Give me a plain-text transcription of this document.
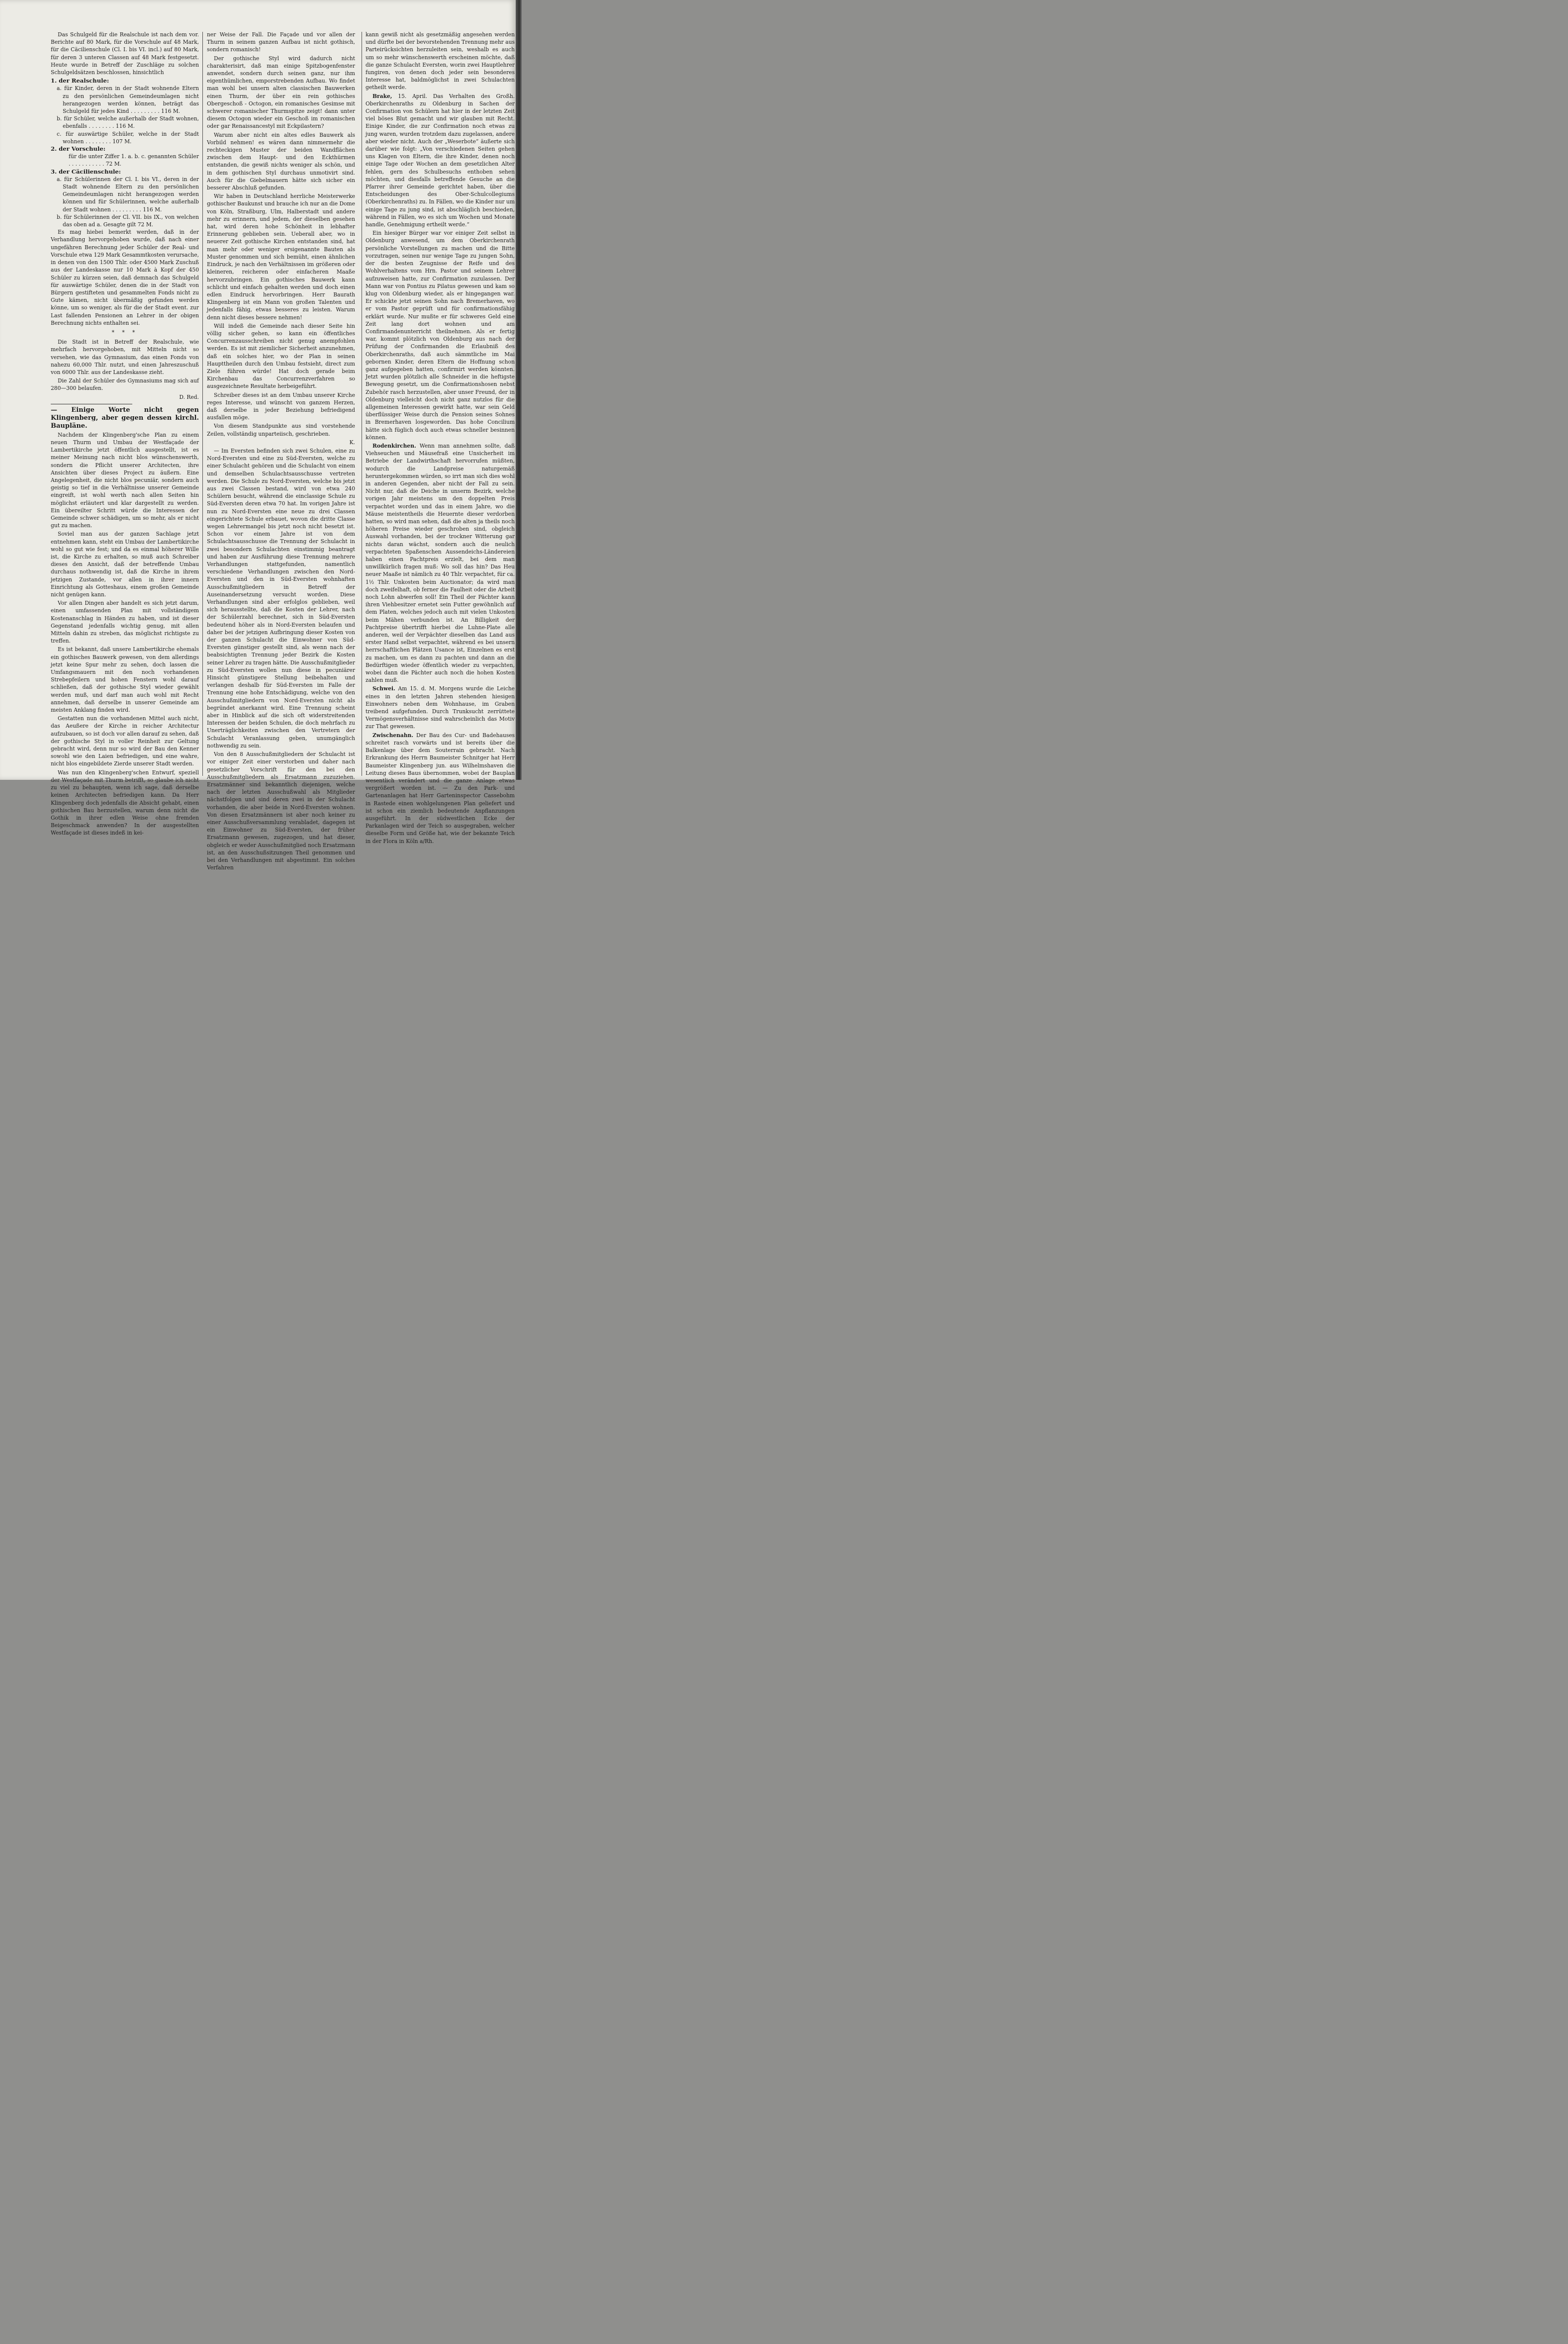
Das Schulgeld für die Realschule ist nach dem vor. Berichte auf 80 Mark, für die Vorschule auf 48 Mark, für die Cäcilienschule (Cl. I. bis VI. incl.) auf 80 Mark, für deren 3 unteren Classen auf 48 Mark festgesetzt. Heute wurde in Betreff der Zuschläge zu solchen Schulgeldsätzen beschlossen, hinsichtlich

1. der Realschule:

a. für Kinder, deren in der Stadt wohnende Eltern zu den persönlichen Gemeindeumlagen nicht herangezogen werden können, beträgt das Schulgeld für jedes Kind . . . . . . . . . 116 M.

b. für Schüler, welche außerhalb der Stadt wohnen, ebenfalls . . . . . . . . 116 M.

c. für auswärtige Schüler, welche in der Stadt wohnen . . . . . . . . 107 M.

2. der Vorschule:

für die unter Ziffer 1. a. b. c. genannten Schüler . . . . . . . . . . . 72 M.

3. der Cäcilienschule:

a. für Schülerinnen der Cl. I. bis VI., deren in der Stadt wohnende Eltern zu den persönlichen Gemeindeumlagen nicht herangezogen werden können und für Schülerinnen, welche außerhalb der Stadt wohnen . . . . . . . . . 116 M.

b. für Schülerinnen der Cl. VII. bis IX., von welchen das oben ad a. Gesagte gilt 72 M.

Es mag hiebei bemerkt werden, daß in der Verhandlung hervorgehoben wurde, daß nach einer ungefähren Berechnung jeder Schüler der Real- und Vorschule etwa 129 Mark Gesammtkosten verursache, in denen von den 1500 Thlr. oder 4500 Mark Zuschuß aus der Landeskasse nur 10 Mark à Kopf der 450 Schüler zu kürzen seien, daß demnach das Schulgeld für auswärtige Schüler, denen die in der Stadt von Bürgern gestifteten und gesammelten Fonds nicht zu Gute kämen, nicht übermäßig gefunden werden könne, um so weniger, als für die der Stadt event. zur Last fallenden Pensionen an Lehrer in der obigen Berechnung nichts enthalten sei.

* * *

Die Stadt ist in Betreff der Realschule, wie mehrfach hervorgehoben, mit Mitteln nicht so versehen, wie das Gymnasium, das einen Fonds von nahezu 60,000 Thlr. nutzt, und einen Jahreszuschuß von 6000 Thlr. aus der Landeskasse zieht.

Die Zahl der Schüler des Gymnasiums mag sich auf 280—300 belaufen.

D. Red.

— Einige Worte nicht gegen Klingenberg, aber gegen dessen kirchl. Baupläne.

Nachdem der Klingenberg'sche Plan zu einem neuen Thurm und Umbau der Westfaçade der Lambertikirche jetzt öffentlich ausgestellt, ist es meiner Meinung nach nicht blos wünschenswerth, sondern die Pflicht unserer Architecten, ihre Ansichten über dieses Project zu äußern. Eine Angelegenheit, die nicht blos pecuniär, sondern auch geistig so tief in die Verhältnisse unserer Gemeinde eingreift, ist wohl werth nach allen Seiten hin möglichst erläutert und klar dargestellt zu werden. Ein übereilter Schritt würde die Interessen der Gemeinde schwer schädigen, um so mehr, als er nicht gut zu machen.

Soviel man aus der ganzen Sachlage jetzt entnehmen kann, steht ein Umbau der Lambertikirche wohl so gut wie fest; und da es einmal höherer Wille ist, die Kirche zu erhalten, so muß auch Schreiber dieses den Ansicht, daß der betreffende Umbau durchaus nothwendig ist, daß die Kirche in ihrem jetzigen Zustande, vor allen in ihrer innern Einrichtung als Gotteshaus, einem großen Gemeinde nicht genügen kann.

Vor allen Dingen aber handelt es sich jetzt darum, einen umfassenden Plan mit vollständigem Kostenanschlag in Händen zu haben, und ist dieser Gegenstand jedenfalls wichtig genug, mit allen Mitteln dahin zu streben, das möglichst richtigste zu treffen.

Es ist bekannt, daß unsere Lambertikirche ehemals ein gothisches Bauwerk gewesen, von dem allerdings jetzt keine Spur mehr zu sehen, doch lassen die Umfangsmauern mit den noch vorhandenen Strebepfeilern und hohen Fenstern wohl darauf schließen, daß der gothische Styl wieder gewählt werden muß, und darf man auch wohl mit Recht annehmen, daß derselbe in unserer Gemeinde am meisten Anklang finden wird.

Gestatten nun die vorhandenen Mittel auch nicht, das Aeußere der Kirche in reicher Architectur aufzubauen, so ist doch vor allen darauf zu sehen, daß der gothische Styl in voller Reinheit zur Geltung gebracht wird, denn nur so wird der Bau den Kenner sowohl wie den Laien befriedigen, und eine wahre, nicht blos eingebildete Zierde unserer Stadt werden.

Was nun den Klingenberg'schen Entwurf, speziell der Westfaçade mit Thurm betrifft, so glaube ich nicht zu viel zu behaupten, wenn ich sage, daß derselbe keinen Architecten befriedigen kann. Da Herr Klingenberg doch jedenfalls die Absicht gehabt, einen gothischen Bau herzustellen, warum denn nicht die Gothik in ihrer edlen Weise ohne fremden Beigeschmack anwenden? In der ausgestellten Westfaçade ist dieses indeß in kei-

ner Weise der Fall. Die Façade und vor allen der Thurm in seinem ganzen Aufbau ist nicht gothisch, sondern romanisch!

Der gothische Styl wird dadurch nicht charakterisirt, daß man einige Spitzbogenfenster anwendet, sondern durch seinen ganz, nur ihm eigenthümlichen, emporstrebenden Aufbau. Wo findet man wohl bei unsern alten classischen Bauwerken einen Thurm, der über ein rein gothisches Obergeschoß - Octogon, ein romanisches Gesimse mit schwerer romanischer Thurmspitze zeigt! dann unter diesem Octogon wieder ein Geschoß im romanischen oder gar Renaissancestyl mit Eckpilastern?

Warum aber nicht ein altes edles Bauwerk als Vorbild nehmen! es wären dann nimmermehr die rechteckigen Muster der beiden Wandflächen zwischen dem Haupt- und den Eckthürmen entstanden, die gewiß nichts weniger als schön, und in dem gothischen Styl durchaus unmotivirt sind. Auch für die Giebelmauern hätte sich sicher ein besserer Abschluß gefunden.

Wir haben in Deutschland herrliche Meisterwerke gothischer Baukunst und brauche ich nur an die Dome von Köln, Straßburg, Ulm, Halberstadt und andere mehr zu erinnern, und jedem, der dieselben gesehen hat, wird deren hohe Schönheit in lebhafter Erinnerung geblieben sein. Ueberall aber, wo in neuerer Zeit gothische Kirchen entstanden sind, hat man mehr oder weniger ersigenannte Bauten als Muster genommen und sich bemüht, einen ähnlichen Eindruck, je nach den Verhältnissen im größeren oder kleineren, reicheren oder einfacheren Maaße hervorzubringen. Ein gothisches Bauwerk kann schlicht und einfach gehalten werden und doch einen edlen Eindruck hervorbringen. Herr Baurath Klingenberg ist ein Mann von großen Talenten und jedenfalls fähig, etwas besseres zu leisten. Warum denn nicht dieses bessere nehmen!

Will indeß die Gemeinde nach dieser Seite hin völlig sicher gehen, so kann ein öffentliches Concurrenzausschreiben nicht genug anempfohlen werden. Es ist mit ziemlicher Sicherheit anzunehmen, daß ein solches hier, wo der Plan in seinen Haupttheilen durch den Umbau festsieht, direct zum Ziele führen würde! Hat doch gerade beim Kirchenbau das Concurrenzverfahren so ausgezeichnete Resultate herbeigeführt.

Schreiber dieses ist an dem Umbau unserer Kirche reges Interesse, und wünscht von ganzem Herzen, daß derselbe in jeder Beziehung befriedigend ausfallen möge.

Von diesem Standpunkte aus sind vorstehende Zeilen, vollständig unparteiisch, geschrieben.

K.

— Im Eversten befinden sich zwei Schulen, eine zu Nord-Eversten und eine zu Süd-Eversten, welche zu einer Schulacht gehören und die Schulacht von einem und demselben Schulachtsausschusse vertreten werden. Die Schule zu Nord-Eversten, welche bis jetzt aus zwei Classen bestand, wird von etwa 240 Schülern besucht, während die einclassige Schule zu Süd-Eversten deren etwa 70 hat. Im vorigen Jahre ist nun zu Nord-Eversten eine neue zu drei Classen eingerichtete Schule erbauet, wovon die dritte Classe wegen Lehrermangel bis jetzt noch nicht besetzt ist. Schon vor einem Jahre ist von dem Schulachtsausschusse die Trennung der Schulacht in zwei besondern Schulachten einstimmig beantragt und haben zur Ausführung diese Trennung mehrere Verhandlungen stattgefunden, namentlich verschiedene Verhandlungen zwischen den Nord-Eversten und den in Süd-Eversten wohnhaften Ausschußmitgliedern in Betreff der Auseinandersetzung versucht worden. Diese Verhandlungen sind aber erfolglos geblieben, weil sich herausstellte, daß die Kosten der Lehrer, nach der Schülerzahl berechnet, sich in Süd-Eversten bedeutend höher als in Nord-Eversten belaufen und daher bei der jetzigen Aufbringung dieser Kosten von der ganzen Schulacht die Einwohner von Süd-Eversten günstiger gestellt sind, als wenn nach der beabsichtigten Trennung jeder Bezirk die Kosten seiner Lehrer zu tragen hätte. Die Ausschußmitglieder zu Süd-Eversten wollen nun diese in pecuniärer Hinsicht günstigere Stellung beibehalten und verlangen deshalb für Süd-Eversten im Falle der Trennung eine hohe Entschädigung, welche von den Ausschußmitgliedern von Nord-Eversten nicht als begründet anerkannt wird. Eine Trennung scheint aber in Hinblick auf die sich oft widerstreitenden Interessen der beiden Schulen, die doch mehrfach zu Unerträglichkeiten zwischen den Vertretern der Schulacht Veranlassung geben, unumgänglich nothwendig zu sein.

Von den 8 Ausschußmitgliedern der Schulacht ist vor einiger Zeit einer verstorben und daher nach gesetzlicher Vorschrift für den bei den Ausschußmitgliedern als Ersatzmann zuzuziehen. Ersatzmänner sind bekanntlich diejenigen, welche nach der letzten Ausschußwahl als Mitglieder nächstfolgen und sind deren zwei in der Schulacht vorhanden, die aber beide in Nord-Eversten wohnen. Von diesen Ersatzmännern ist aber noch keiner zu einer Ausschußversammlung verabladet, dagegen ist ein Einwohner zu Süd-Eversten, der früher Ersatzmann gewesen, zugezogen, und hat dieser, obgleich er weder Ausschußmitglied noch Ersatzmann ist, an den Ausschußsitzungen Theil genommen und bei den Verhandlungen mit abgestimmt. Ein solches Verfahren

kann gewiß nicht als gesetzmäßig angesehen werden und dürfte bei der bevorstehenden Trennung mehr aus Parteirücksichten herzuleiten sein, weshalb es auch um so mehr wünschenswerth erscheinen möchte, daß die ganze Schulacht Eversten, worin zwei Hauptlehrer fungiren, von denen doch jeder sein besonderes Interesse hat, baldmöglichst in zwei Schulachten getheilt werde.

Brake, 15. April. Das Verhalten des Großh. Oberkirchenraths zu Oldenburg in Sachen der Confirmation von Schülern hat hier in der letzten Zeit viel böses Blut gemacht und wir glauben mit Recht. Einige Kinder, die zur Confirmation noch etwas zu jung waren, wurden trotzdem dazu zugelassen, andere aber wieder nicht. Auch der „Weserbote“ äußerte sich darüber wie folgt: „Von verschiedenen Seiten gehen uns Klagen von Eltern, die ihre Kinder, denen noch einige Tage oder Wochen an dem gesetzlichen Alter fehlen, gern des Schulbesuchs enthoben sehen möchten, und diesfalls betreffende Gesuche an die Pfarrer ihrer Gemeinde gerichtet haben, über die Entscheidungen des Ober-Schulcollegiums (Oberkirchenraths) zu. In Fällen, wo die Kinder nur um einige Tage zu jung sind, ist abschläglich beschieden, während in Fällen, wo es sich um Wochen und Monate handle, Genehmigung ertheilt werde.“

Ein hiesiger Bürger war vor einiger Zeit selbst in Oldenburg anwesend, um dem Oberkirchenrath persönliche Vorstellungen zu machen und die Bitte vorzutragen, seinen nur wenige Tage zu jungen Sohn, der die besten Zeugnisse der Reife und des Wohlverhaltens vom Hrn. Pastor und seinem Lehrer aufzuweisen hatte, zur Confirmation zuzulassen. Der Mann war von Pontius zu Pilatus gewesen und kam so klug von Oldenburg wieder, als er hingegangen war. Er schickte jetzt seinen Sohn nach Bremerhaven, wo er vom Pastor geprüft und für confirmationsfähig erklärt wurde. Nur mußte er für schweres Geld eine Zeit lang dort wohnen und am Confirmandenunterricht theilnehmen. Als er fertig war, kommt plötzlich von Oldenburg aus nach der Prüfung der Confirmanden die Erlaubniß des Oberkirchenraths, daß auch sämmtliche im Mai gebornen Kinder, deren Eltern die Hoffnung schon ganz aufgegeben hatten, confirmirt werden könnten. Jetzt wurden plötzlich alle Schneider in die heftigste Bewegung gesetzt, um die Confirmationshosen nebst Zubehör rasch herzustellen, aber unser Freund, der in Oldenburg vielleicht doch nicht ganz nutzlos für die allgemeinen Interessen gewirkt hatte, war sein Geld überflüssiger Weise durch die Pension seines Sohnes in Bremerhaven losgeworden. Das hohe Concilium hätte sich füglich doch auch etwas schneller besinnen können.

Rodenkirchen. Wenn man annehmen sollte, daß Viehseuchen und Mäusefraß eine Unsicherheit im Betriebe der Landwirthschaft hervorrufen müßten, wodurch die Landpreise naturgemäß heruntergekommen würden, so irrt man sich dies wohl in anderen Gegenden, aber nicht der Fall zu sein. Nicht nur, daß die Deiche in unserm Bezirk, welche vorigen Jahr meistens um den doppelten Preis verpachtet worden und das in einem Jahre, wo die Mäuse meistentheils die Heuernte dieser verdorben hatten, so wird man sehen, daß die alten ja theils noch höheren Preise wieder geschroben sind, obgleich Auswahl vorhanden, bei der trockner Witterung gar nichts daran wächst, sondern auch die neulich verpachteten Spaßenschen Aussendeichs-Ländereien haben einen Pachtpreis erzielt, bei dem man unwillkürlich fragen muß: Wo soll das hin? Das Heu neuer Maaße ist nämlich zu 40 Thlr. verpachtet, für ca. 1½ Thlr. Unkosten beim Auctionator; da wird man doch zweifelhaft, ob ferner die Faulheit oder die Arbeit noch Lohn abwerfen soll! Ein Theil der Pächter kann ihren Viehbesitzer ernetet sein Futter gewöhnlich auf dem Platen, welches jedoch auch mit vielen Unkosten beim Mähen verbunden ist. An Billigkeit der Pachtpreise übertrifft hierbei die Luhne-Plate alle anderen, weil der Verpächter dieselben das Land aus erster Hand selbst verpachtet, während es bei unsern herrschaftlichen Plätzen Usance ist, Einzelnen es erst zu machen, um es dann zu pachten und dann an die Bedürftigen wieder öffentlich wieder zu verpachten, wobei dann die Pächter auch noch die hohen Kosten zahlen muß.

Schwei. Am 15. d. M. Morgens wurde die Leiche eines in den letzten Jahren stehenden hiesigen Einwohners neben dem Wohnhause, im Graben treibend aufgefunden. Durch Trunksucht zerrüttete Vermögensverhältnisse sind wahrscheinlich das Motiv zur That gewesen.

Zwischenahn. Der Bau des Cur- und Badehauses schreitet rasch vorwärts und ist bereits über die Balkenlage über dem Souterrain gebracht. Nach Erkrankung des Herrn Baumeister Schnitger hat Herr Baumeister Klingenberg jun. aus Wilhelmshaven die Leitung dieses Baus übernommen, wobei der Bauplan wesentlich verändert und die ganze Anlage etwas vergrößert worden ist. — Zu den Park- und Gartenanlagen hat Herr Garteninspector Cassebohm in Rastede einen wohlgelungenen Plan geliefert und ist schon ein ziemlich bedeutende Anpflanzungen ausgeführt. In der südwestlichen Ecke der Parkanlagen wird der Teich so ausgegraben, welcher dieselbe Form und Größe hat, wie der bekannte Teich in der Flora in Köln a/Rh.
